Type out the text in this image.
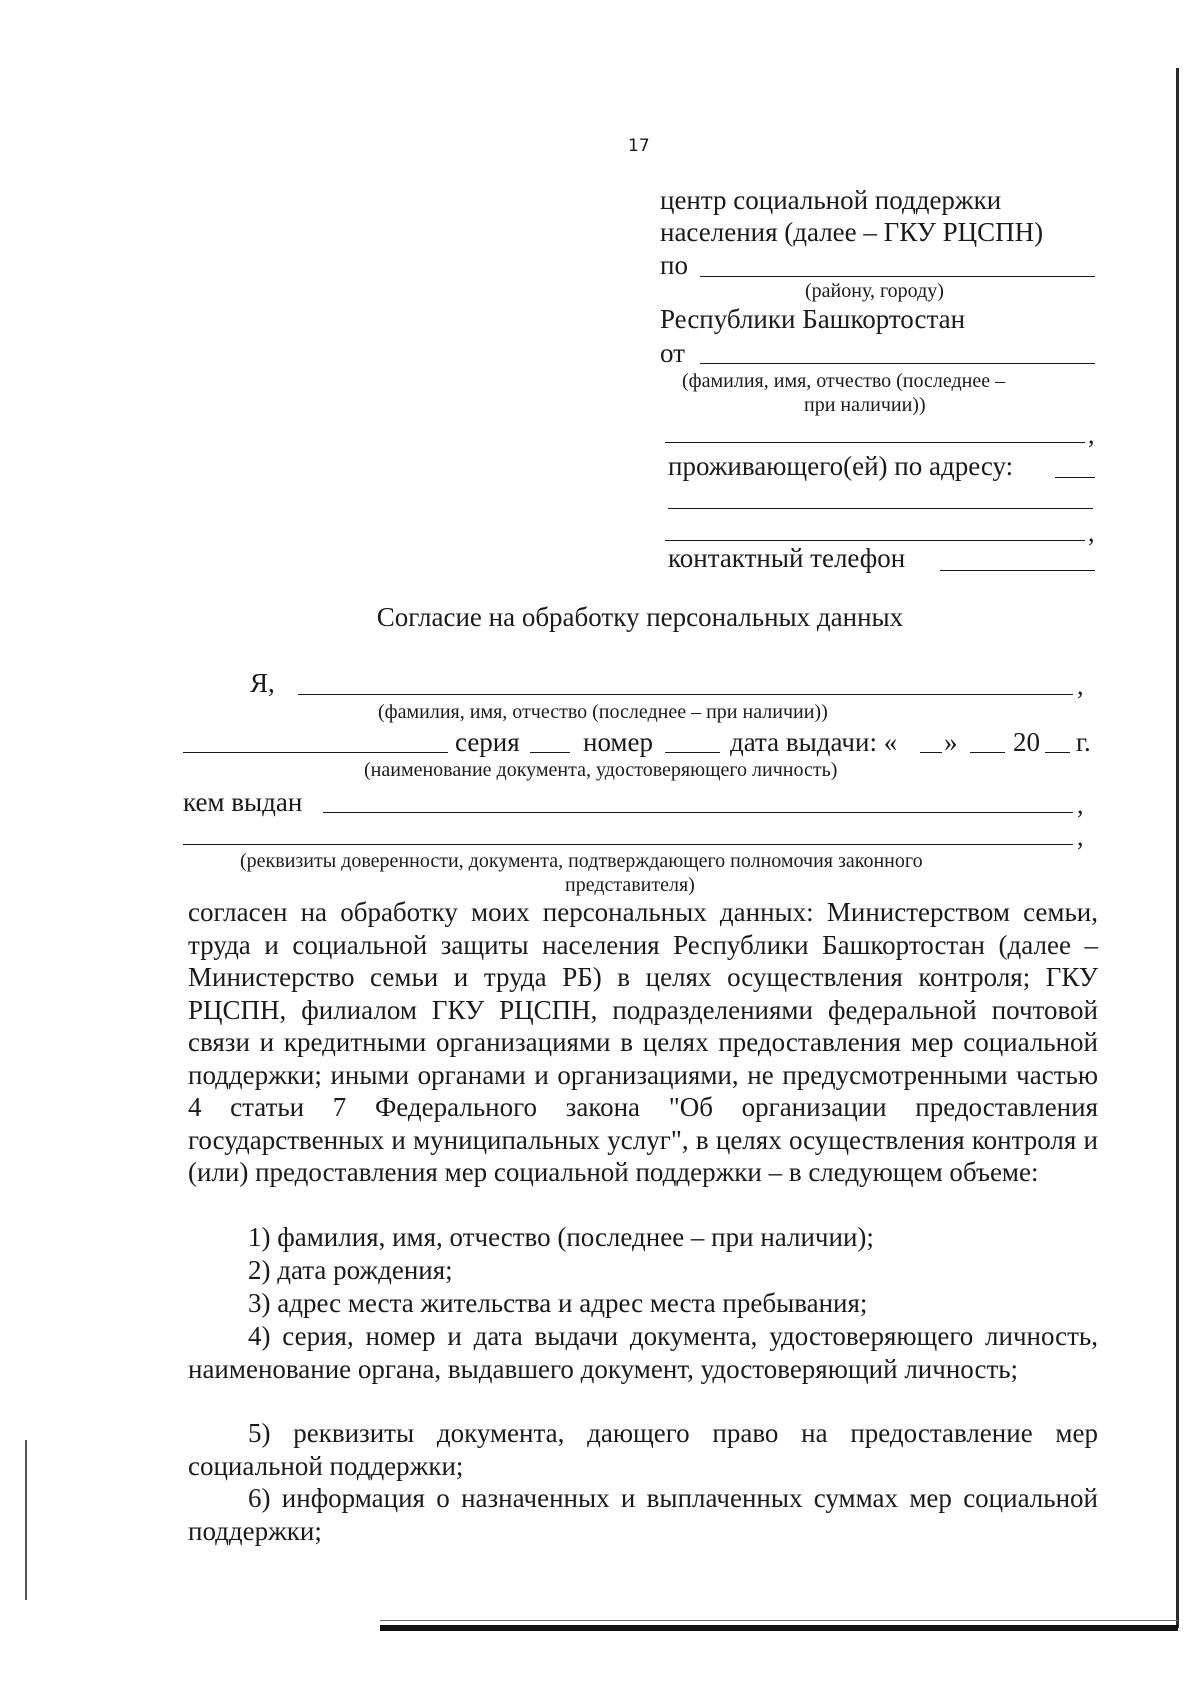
17
центр социальной поддержки
населения (далее – ГКУ РЦСПН)
по
(району, городу)
Республики Башкортостан
от
(фамилия, имя, отчество (последнее –
при наличии))
,
проживающего(ей) по адресу:
,
контактный телефон
Согласие на обработку персональных данных
Я,	,
(фамилия, имя, отчество (последнее – при наличии))
серия номер	дата выдачи: « » 20 г.
(наименование документа, удостоверяющего личность)
кем выдан	,
,
(реквизиты доверенности, документа, подтверждающего полномочия законного
представителя)
согласен на обработку моих персональных данных: Министерством семьи, труда и социальной защиты населения Республики Башкортостан (далее – Министерство семьи и труда РБ) в целях осуществления контроля; ГКУ РЦСПН, филиалом ГКУ РЦСПН, подразделениями федеральной почтовой связи и кредитными организациями в целях предоставления мер социальной поддержки; иными органами и организациями, не предусмотренными частью 4 статьи 7 Федерального закона "Об организации предоставления государственных и муниципальных услуг", в целях осуществления контроля и (или) предоставления мер социальной поддержки – в следующем объеме:
1) фамилия, имя, отчество (последнее – при наличии);
2) дата рождения;
3) адрес места жительства и адрес места пребывания;
4) серия, номер и дата выдачи документа, удостоверяющего личность, наименование органа, выдавшего документ, удостоверяющий личность;
5) реквизиты документа, дающего право на предоставление мер социальной поддержки;
6) информация о назначенных и выплаченных суммах мер социальной поддержки;
